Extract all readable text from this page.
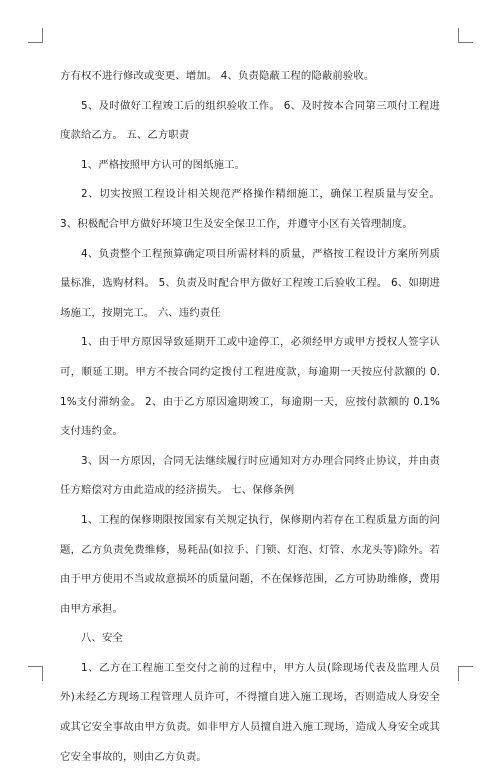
方有权不进行修改或变更、增加。 4、负责隐蔽工程的隐蔽前验收。

5、及时做好工程竣工后的组织验收工作。 6、及时按本合同第三项付工程进度款给乙方。 五、乙方职责

1、严格按照甲方认可的图纸施工。

2、切实按照工程设计相关规范严格操作精细施工，确保工程质量与安全。 3、积极配合甲方做好环境卫生及安全保卫工作，并遵守小区有关管理制度。

4、负责整个工程预算确定项目所需材料的质量，严格按工程设计方案所列质量标准，选购材料。 5、负责及时配合甲方做好工程竣工后验收工程。 6、如期进场施工，按期完工。 六、违约责任

1、由于甲方原因导致延期开工或中途停工，必须经甲方或甲方授权人签字认可，顺延工期。甲方不按合同约定拨付工程进度款，每逾期一天按应付款额的 0.1%支付滞纳金。 2、由于乙方原因逾期竣工，每逾期一天，应按付款额的 0.1%支付违约金。

3、因一方原因，合同无法继续履行时应通知对方办理合同终止协议，并由责任方赔偿对方由此造成的经济损失。 七、保修条例

1、工程的保修期限按国家有关规定执行，保修期内若存在工程质量方面的问题，乙方负责免费维修，易耗品(如拉手、门锁、灯泡、灯管、水龙头等)除外。若由于甲方使用不当或故意损坏的质量问题，不在保修范围，乙方可协助维修，费用由甲方承担。

八、安全

1、乙方在工程施工至交付之前的过程中，甲方人员(除现场代表及监理人员外)未经乙方现场工程管理人员许可，不得擅自进入施工现场，否则造成人身安全或其它安全事故由甲方负责。如非甲方人员擅自进入施工现场，造成人身安全或其它安全事故的，则由乙方负责。
